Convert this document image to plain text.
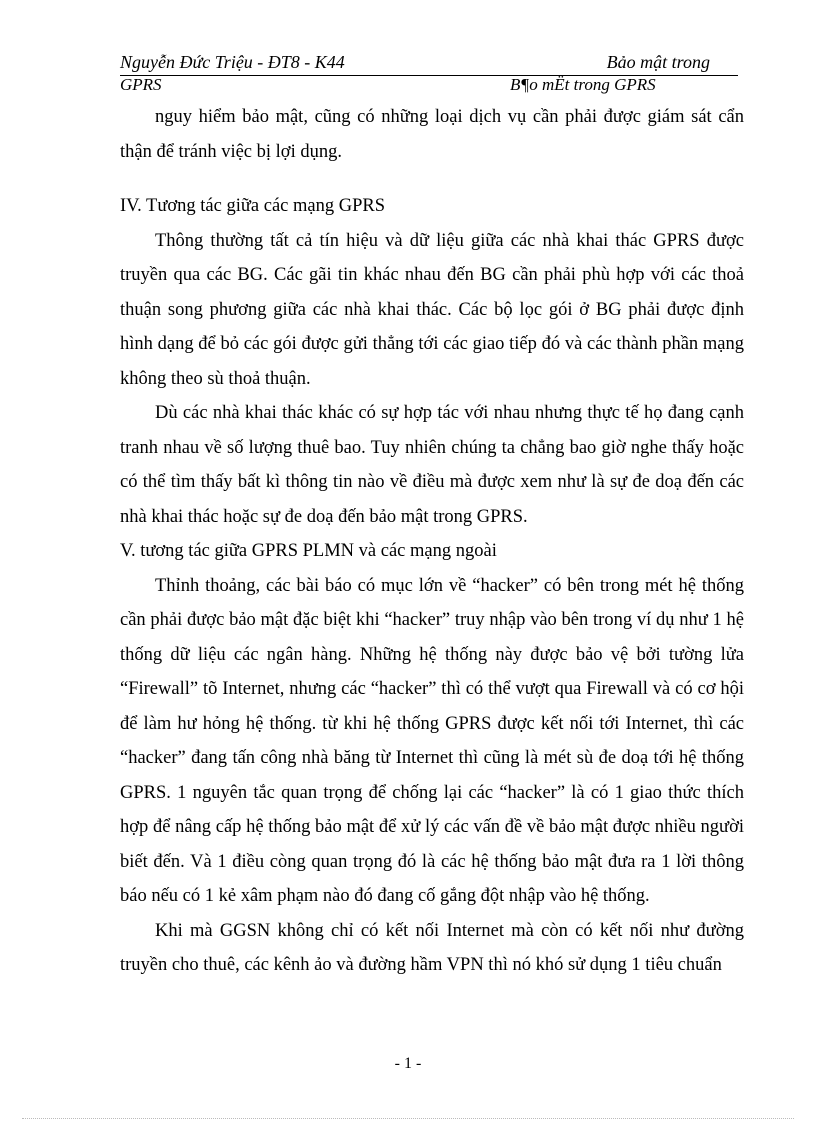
Nguyễn Đức Triệu - ĐT8 - K44	Bảo mật trong
GPRS	B¶o mËt trong GPRS

nguy hiểm bảo mật, cũng có những loại dịch vụ cần phải được giám sát cẩn thận để tránh việc bị lợi dụng.

IV. Tương tác giữa các mạng GPRS

Thông thường tất cả tín hiệu và dữ liệu giữa các nhà khai thác GPRS được truyền qua các BG. Các gãi tin khác nhau đến BG cần phải phù hợp với các thoả thuận song phương giữa các nhà khai thác. Các bộ lọc gói ở BG phải được định hình dạng để bỏ các gói được gửi thẳng tới các giao tiếp đó và các thành phần mạng không theo sù thoả thuận.

Dù các nhà khai thác khác có sự hợp tác với nhau nhưng thực tế họ đang cạnh tranh nhau về số lượng thuê bao. Tuy nhiên chúng ta chẳng bao giờ nghe thấy hoặc có thể tìm thấy bất kì thông tin nào về điều mà được xem như là sự đe doạ đến các nhà khai thác hoặc sự đe doạ đến bảo mật trong GPRS.

V. tương tác giữa GPRS PLMN và các mạng ngoài

Thỉnh thoảng, các bài báo có mục lớn về “hacker” có bên trong mét hệ thống cần phải được bảo mật đặc biệt khi “hacker” truy nhập vào bên trong ví dụ như 1 hệ thống dữ liệu các ngân hàng. Những hệ thống này được bảo vệ bởi tường lửa “Firewall” tõ Internet, nhưng các “hacker” thì có thể vượt qua Firewall và có cơ hội để làm hư hỏng hệ thống. từ khi hệ thống GPRS được kết nối tới Internet, thì các “hacker” đang tấn công nhà băng từ Internet thì cũng là mét sù đe doạ tới hệ thống GPRS. 1 nguyên tắc quan trọng để chống lại các “hacker” là có 1 giao thức thích hợp để nâng cấp hệ thống bảo mật để xử lý các vấn đề về bảo mật được nhiều người biết đến. Và 1 điều còng quan trọng đó là các hệ thống bảo mật đưa ra 1 lời thông báo nếu có 1 kẻ xâm phạm nào đó đang cố gắng đột nhập vào hệ thống.

Khi mà GGSN không chỉ có kết nối Internet mà còn có kết nối như đường truyền cho thuê, các kênh ảo và đường hầm VPN thì nó khó sử dụng 1 tiêu chuẩn

- 1 -
